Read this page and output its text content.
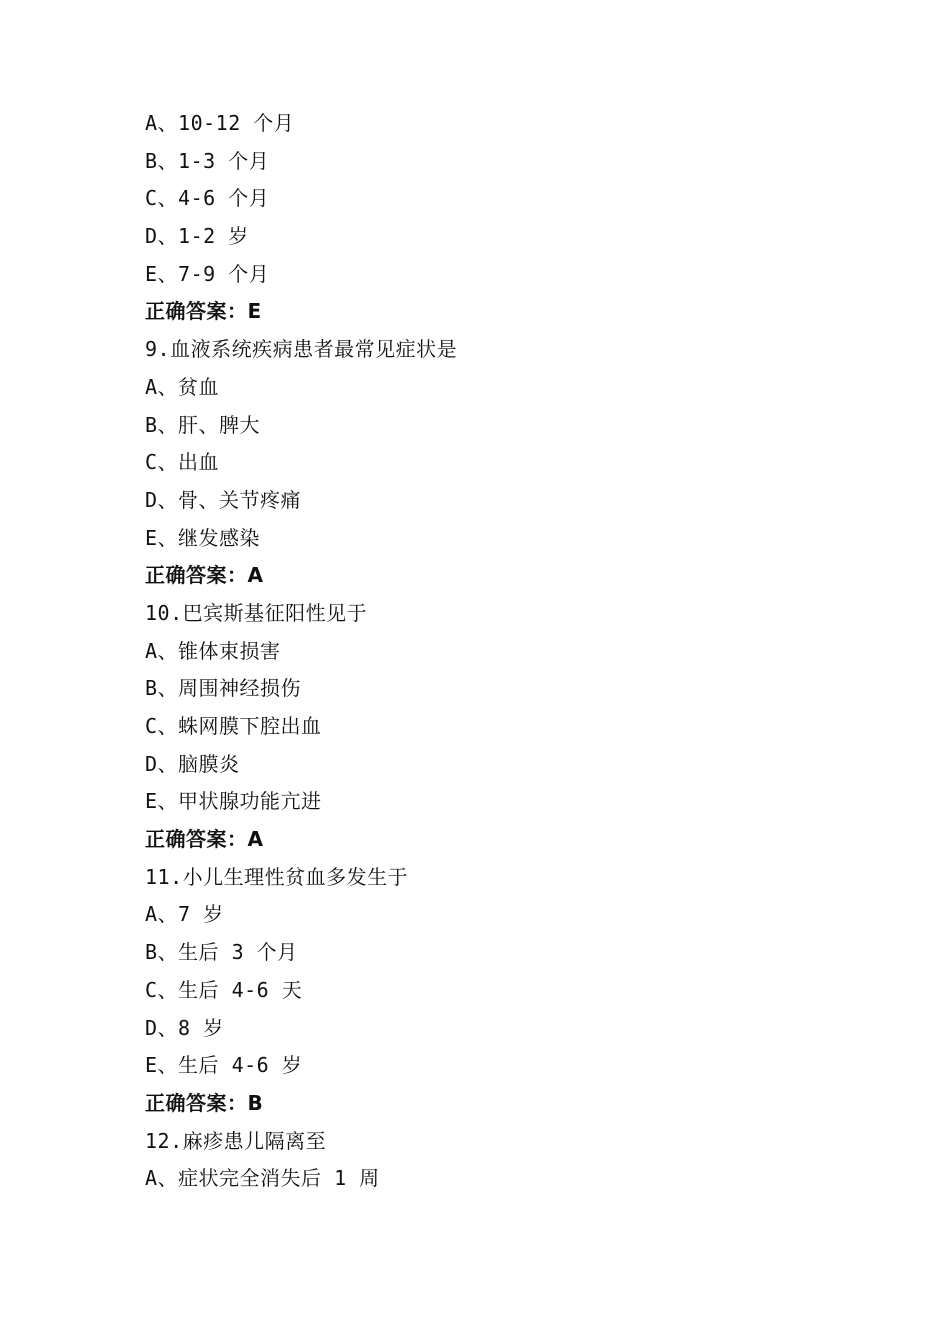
A、10-12 个月
B、1-3 个月
C、4-6 个月
D、1-2 岁
E、7-9 个月
正确答案：E
9.血液系统疾病患者最常见症状是
A、贫血
B、肝、脾大
C、出血
D、骨、关节疼痛
E、继发感染
正确答案：A
10.巴宾斯基征阳性见于
A、锥体束损害
B、周围神经损伤
C、蛛网膜下腔出血
D、脑膜炎
E、甲状腺功能亢进
正确答案：A
11.小儿生理性贫血多发生于
A、7 岁
B、生后 3 个月
C、生后 4-6 天
D、8 岁
E、生后 4-6 岁
正确答案：B
12.麻疹患儿隔离至
A、症状完全消失后 1 周
